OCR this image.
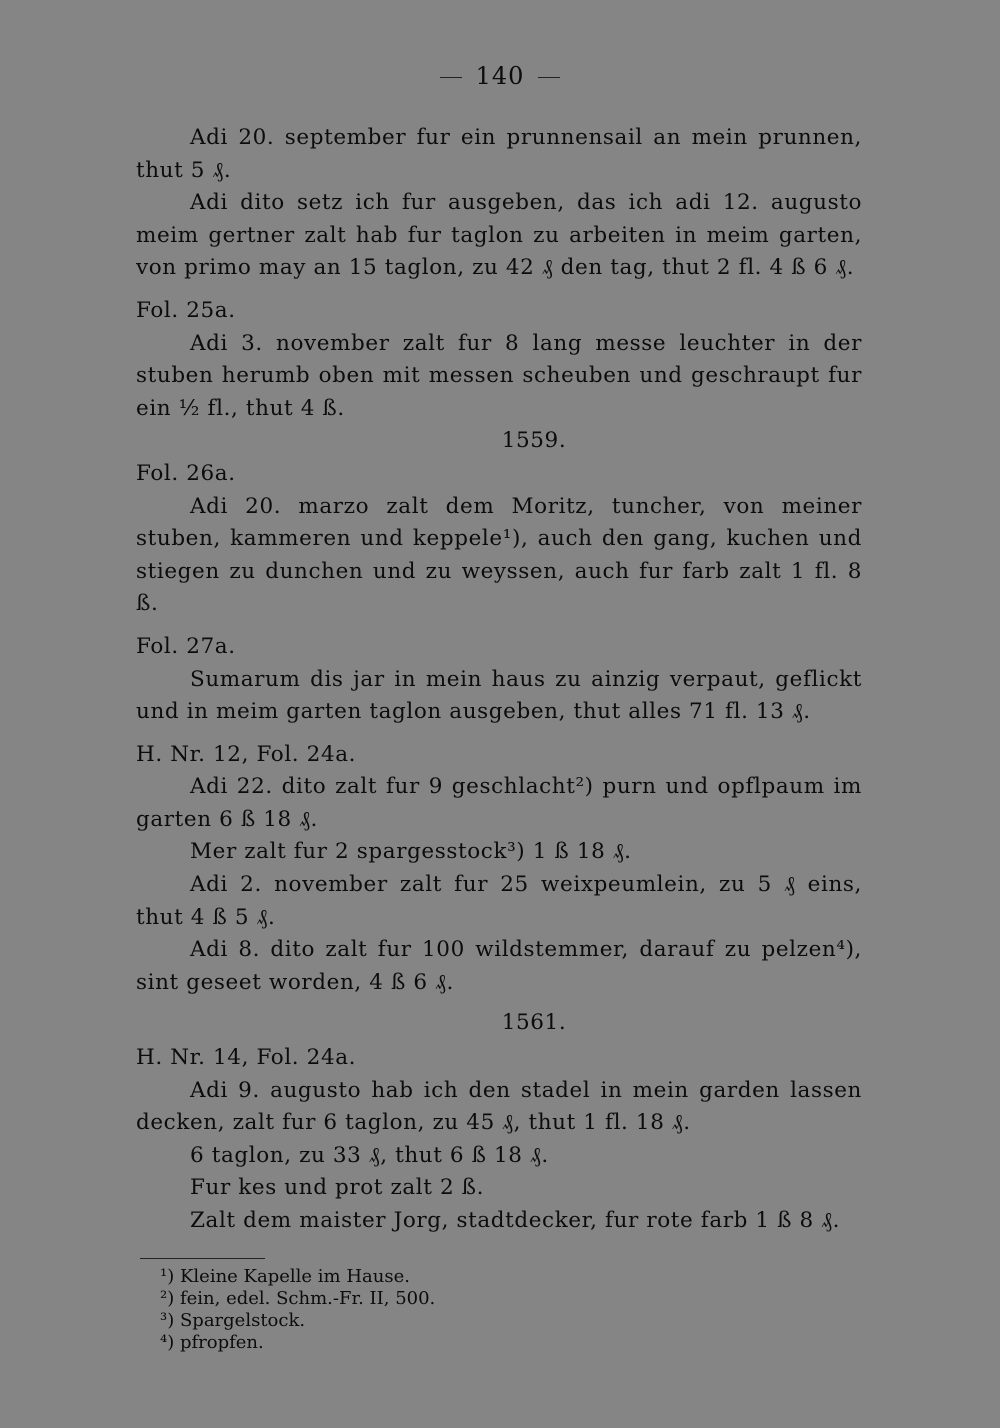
140

Adi 20. september fur ein prunnensail an mein prunnen, thut 5 ₰.

Adi dito setz ich fur ausgeben, das ich adi 12. augusto meim gertner zalt hab fur taglon zu arbeiten in meim garten, von primo may an 15 taglon, zu 42 ₰ den tag, thut 2 fl. 4 ß 6 ₰.

Fol. 25a.

Adi 3. november zalt fur 8 lang messe leuchter in der stuben herumb oben mit messen scheuben und geschraupt fur ein ½ fl., thut 4 ß.

1559.

Fol. 26a.

Adi 20. marzo zalt dem Moritz, tuncher, von meiner stuben, kammeren und keppele¹), auch den gang, kuchen und stiegen zu dunchen und zu weyssen, auch fur farb zalt 1 fl. 8 ß.

Fol. 27a.

Sumarum dis jar in mein haus zu ainzig verpaut, geflickt und in meim garten taglon ausgeben, thut alles 71 fl. 13 ₰.

H. Nr. 12, Fol. 24a.

Adi 22. dito zalt fur 9 geschlacht²) purn und opflpaum im garten 6 ß 18 ₰.

Mer zalt fur 2 spargesstock³) 1 ß 18 ₰.

Adi 2. november zalt fur 25 weixpeumlein, zu 5 ₰ eins, thut 4 ß 5 ₰.

Adi 8. dito zalt fur 100 wildstemmer, darauf zu pelzen⁴), sint geseet worden, 4 ß 6 ₰.

1561.

H. Nr. 14, Fol. 24a.

Adi 9. augusto hab ich den stadel in mein garden lassen decken, zalt fur 6 taglon, zu 45 ₰, thut 1 fl. 18 ₰.

6 taglon, zu 33 ₰, thut 6 ß 18 ₰.

Fur kes und prot zalt 2 ß.

Zalt dem maister Jorg, stadtdecker, fur rote farb 1 ß 8 ₰.

¹) Kleine Kapelle im Hause.
²) fein, edel. Schm.-Fr. II, 500.
³) Spargelstock.
⁴) pfropfen.
